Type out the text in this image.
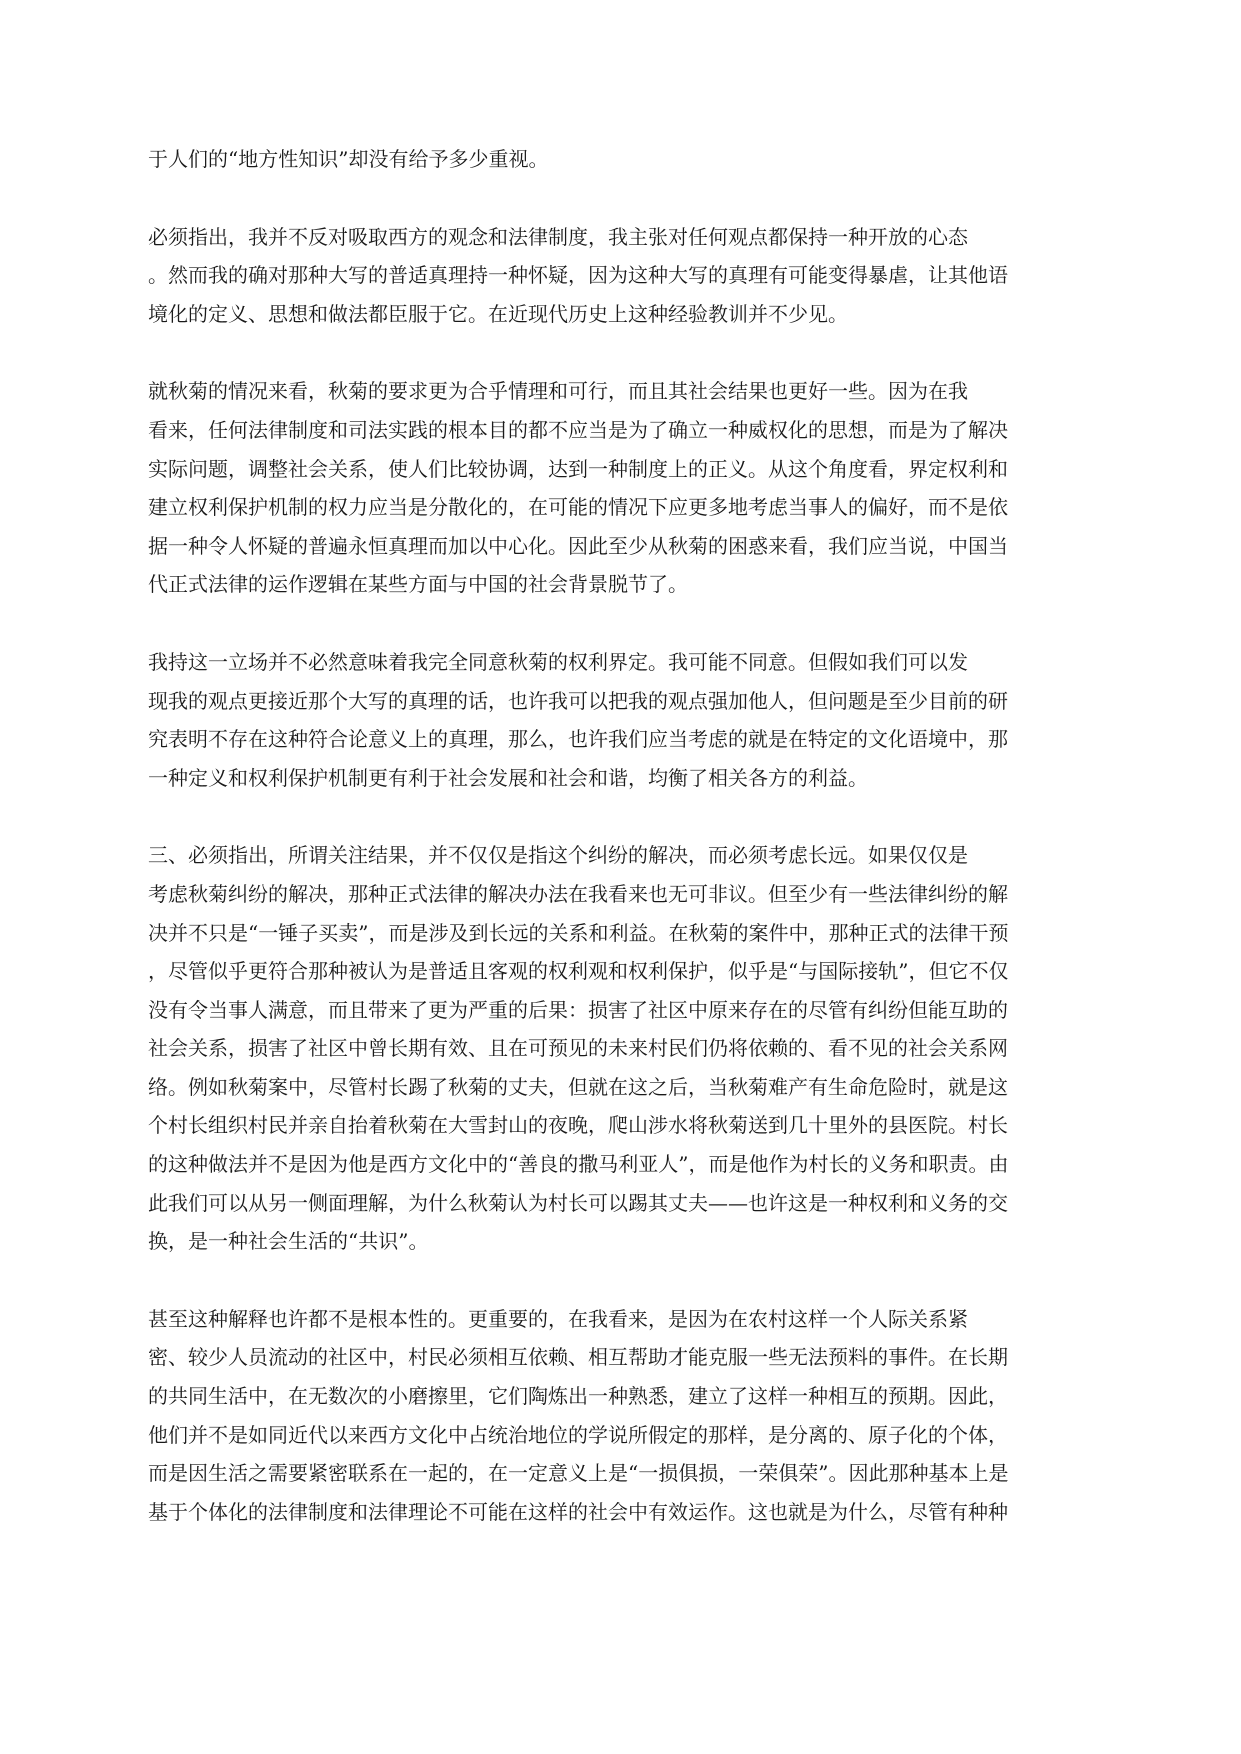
于人们的“地方性知识”却没有给予多少重视。
必须指出，我并不反对吸取西方的观念和法律制度，我主张对任何观点都保持一种开放的心态
。然而我的确对那种大写的普适真理持一种怀疑，因为这种大写的真理有可能变得暴虐，让其他语
境化的定义、思想和做法都臣服于它。在近现代历史上这种经验教训并不少见。
就秋菊的情况来看，秋菊的要求更为合乎情理和可行，而且其社会结果也更好一些。因为在我
看来，任何法律制度和司法实践的根本目的都不应当是为了确立一种威权化的思想，而是为了解决
实际问题，调整社会关系，使人们比较协调，达到一种制度上的正义。从这个角度看，界定权利和
建立权利保护机制的权力应当是分散化的，在可能的情况下应更多地考虑当事人的偏好，而不是依
据一种令人怀疑的普遍永恒真理而加以中心化。因此至少从秋菊的困惑来看，我们应当说，中国当
代正式法律的运作逻辑在某些方面与中国的社会背景脱节了。
我持这一立场并不必然意味着我完全同意秋菊的权利界定。我可能不同意。但假如我们可以发
现我的观点更接近那个大写的真理的话，也许我可以把我的观点强加他人，但问题是至少目前的研
究表明不存在这种符合论意义上的真理，那么，也许我们应当考虑的就是在特定的文化语境中，那
一种定义和权利保护机制更有利于社会发展和社会和谐，均衡了相关各方的利益。
三、必须指出，所谓关注结果，并不仅仅是指这个纠纷的解决，而必须考虑长远。如果仅仅是
考虑秋菊纠纷的解决，那种正式法律的解决办法在我看来也无可非议。但至少有一些法律纠纷的解
决并不只是“一锤子买卖”，而是涉及到长远的关系和利益。在秋菊的案件中，那种正式的法律干预
，尽管似乎更符合那种被认为是普适且客观的权利观和权利保护，似乎是“与国际接轨”，但它不仅
没有令当事人满意，而且带来了更为严重的后果：损害了社区中原来存在的尽管有纠纷但能互助的
社会关系，损害了社区中曾长期有效、且在可预见的未来村民们仍将依赖的、看不见的社会关系网
络。例如秋菊案中，尽管村长踢了秋菊的丈夫，但就在这之后，当秋菊难产有生命危险时，就是这
个村长组织村民并亲自抬着秋菊在大雪封山的夜晚，爬山涉水将秋菊送到几十里外的县医院。村长
的这种做法并不是因为他是西方文化中的“善良的撒马利亚人”，而是他作为村长的义务和职责。由
此我们可以从另一侧面理解，为什么秋菊认为村长可以踢其丈夫——也许这是一种权利和义务的交
换，是一种社会生活的“共识”。
甚至这种解释也许都不是根本性的。更重要的，在我看来，是因为在农村这样一个人际关系紧
密、较少人员流动的社区中，村民必须相互依赖、相互帮助才能克服一些无法预料的事件。在长期
的共同生活中，在无数次的小磨擦里，它们陶炼出一种熟悉，建立了这样一种相互的预期。因此，
他们并不是如同近代以来西方文化中占统治地位的学说所假定的那样，是分离的、原子化的个体，
而是因生活之需要紧密联系在一起的，在一定意义上是“一损俱损，一荣俱荣”。因此那种基本上是
基于个体化的法律制度和法律理论不可能在这样的社会中有效运作。这也就是为什么，尽管有种种
